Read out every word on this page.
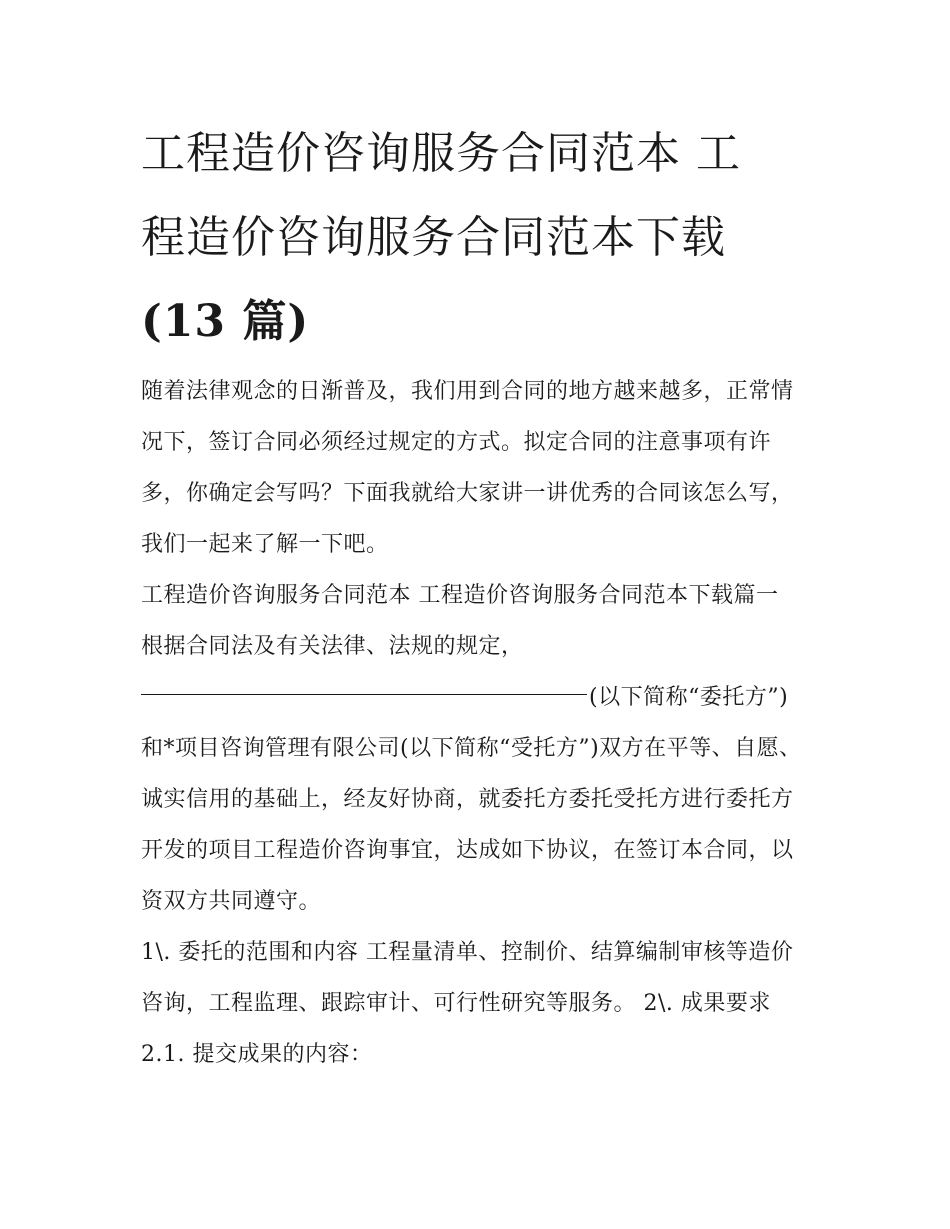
工程造价咨询服务合同范本 工
程造价咨询服务合同范本下载
(13 篇)

随着法律观念的日渐普及，我们用到合同的地方越来越多，正常情况下，签订合同必须经过规定的方式。拟定合同的注意事项有许多，你确定会写吗？下面我就给大家讲一讲优秀的合同该怎么写，我们一起来了解一下吧。

工程造价咨询服务合同范本 工程造价咨询服务合同范本下载篇一

根据合同法及有关法律、法规的规定，

(以下简称“委托方”)

和*项目咨询管理有限公司(以下简称“受托方”)双方在平等、自愿、诚实信用的基础上，经友好协商，就委托方委托受托方进行委托方开发的项目工程造价咨询事宜，达成如下协议，在签订本合同，以资双方共同遵守。

1\. 委托的范围和内容 工程量清单、控制价、结算编制审核等造价咨询，工程监理、跟踪审计、可行性研究等服务。 2\. 成果要求 2.1. 提交成果的内容：
